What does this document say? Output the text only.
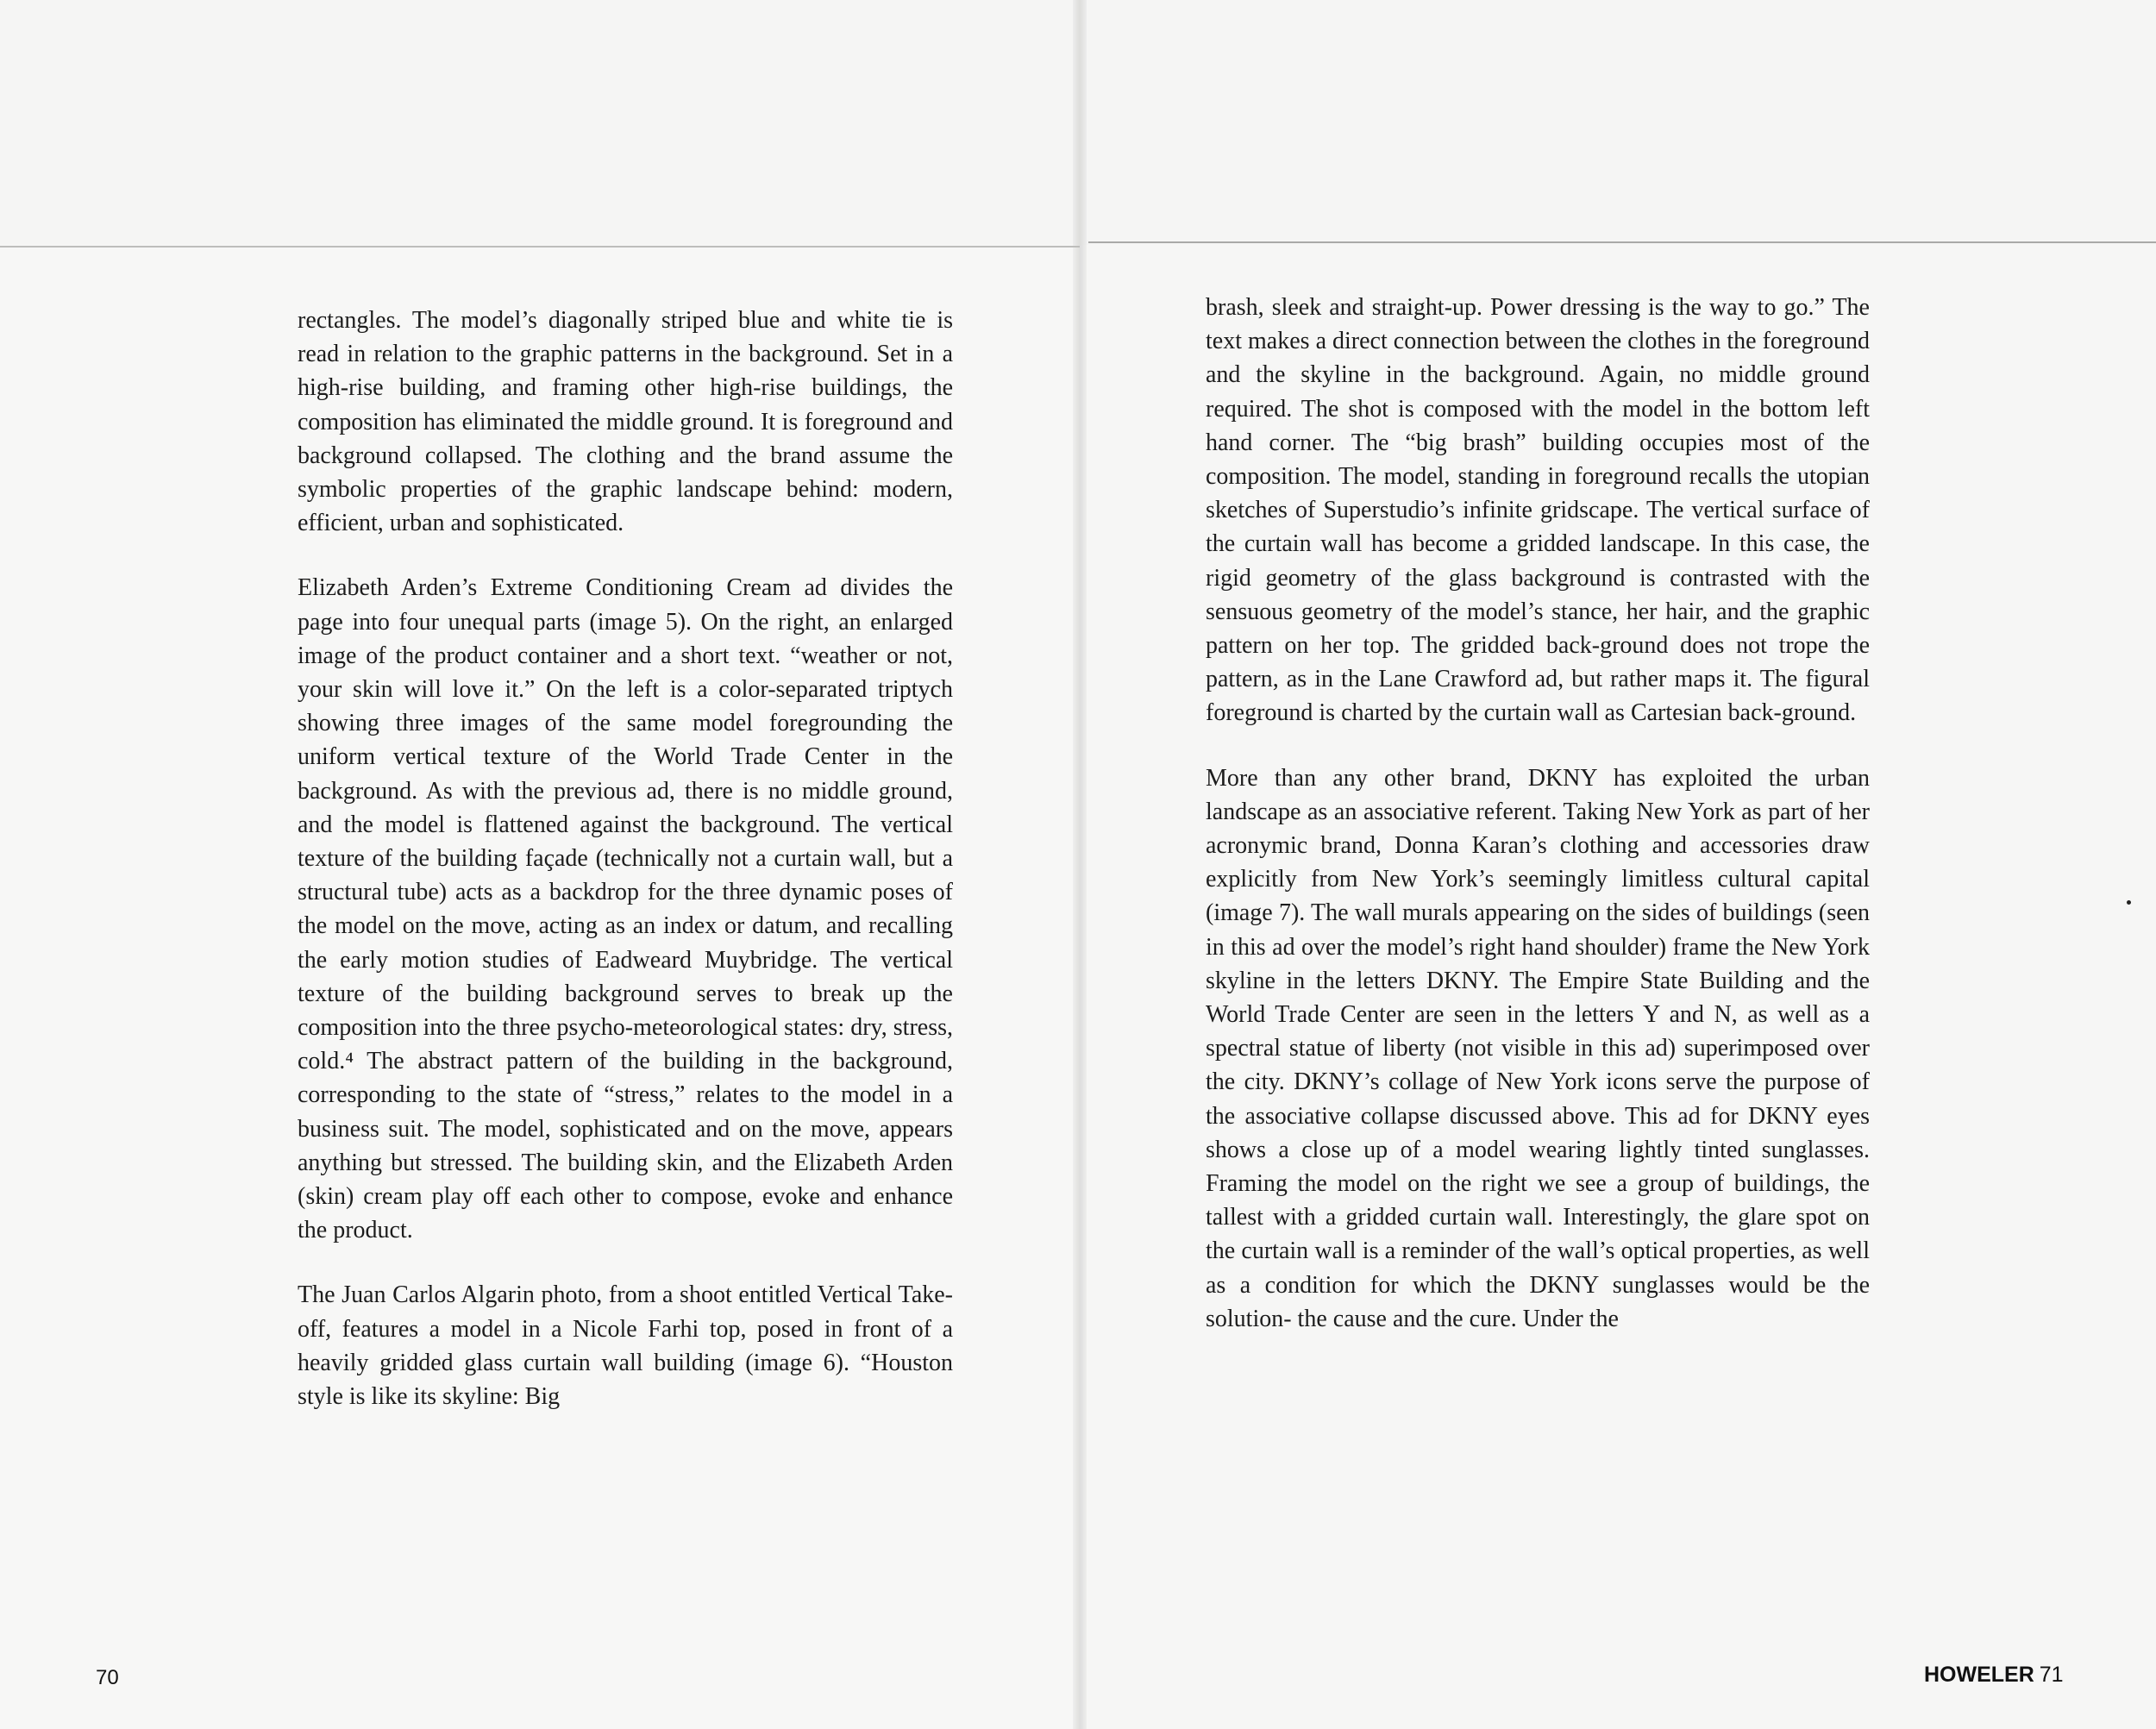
rectangles. The model’s diagonally striped blue and white tie is read in relation to the graphic patterns in the background. Set in a high-rise building, and framing other high-rise buildings, the composition has eliminated the middle ground. It is foreground and background collapsed. The clothing and the brand assume the symbolic properties of the graphic landscape behind: modern, efficient, urban and sophisticated.

Elizabeth Arden’s Extreme Conditioning Cream ad divides the page into four unequal parts (image 5). On the right, an enlarged image of the product container and a short text. “weather or not, your skin will love it.” On the left is a color-separated triptych showing three images of the same model foregrounding the uniform vertical texture of the World Trade Center in the background. As with the previous ad, there is no middle ground, and the model is flattened against the background. The vertical texture of the building façade (technically not a curtain wall, but a structural tube) acts as a backdrop for the three dynamic poses of the model on the move, acting as an index or datum, and recalling the early motion studies of Eadweard Muybridge. The vertical texture of the building background serves to break up the composition into the three psycho-meteorological states: dry, stress, cold.⁴ The abstract pattern of the building in the background, corresponding to the state of “stress,” relates to the model in a business suit. The model, sophisticated and on the move, appears anything but stressed. The building skin, and the Elizabeth Arden (skin) cream play off each other to compose, evoke and enhance the product.

The Juan Carlos Algarin photo, from a shoot entitled Vertical Take-off, features a model in a Nicole Farhi top, posed in front of a heavily gridded glass curtain wall building (image 6). “Houston style is like its skyline: Big

brash, sleek and straight-up. Power dressing is the way to go.” The text makes a direct connection between the clothes in the foreground and the skyline in the background. Again, no middle ground required. The shot is composed with the model in the bottom left hand corner. The “big brash” building occupies most of the composition. The model, standing in foreground recalls the utopian sketches of Superstudio’s infinite gridscape. The vertical surface of the curtain wall has become a gridded landscape. In this case, the rigid geometry of the glass background is contrasted with the sensuous geometry of the model’s stance, her hair, and the graphic pattern on her top. The gridded back-ground does not trope the pattern, as in the Lane Crawford ad, but rather maps it. The figural foreground is charted by the curtain wall as Cartesian back-ground.

More than any other brand, DKNY has exploited the urban landscape as an associative referent. Taking New York as part of her acronymic brand, Donna Karan’s clothing and accessories draw explicitly from New York’s seemingly limitless cultural capital (image 7). The wall murals appearing on the sides of buildings (seen in this ad over the model’s right hand shoulder) frame the New York skyline in the letters DKNY. The Empire State Building and the World Trade Center are seen in the letters Y and N, as well as a spectral statue of liberty (not visible in this ad) superimposed over the city. DKNY’s collage of New York icons serve the purpose of the associative collapse discussed above. This ad for DKNY eyes shows a close up of a model wearing lightly tinted sunglasses. Framing the model on the right we see a group of buildings, the tallest with a gridded curtain wall. Interestingly, the glare spot on the curtain wall is a reminder of the wall’s optical properties, as well as a condition for which the DKNY sunglasses would be the solution- the cause and the cure. Under the

70	HOWELER 71
